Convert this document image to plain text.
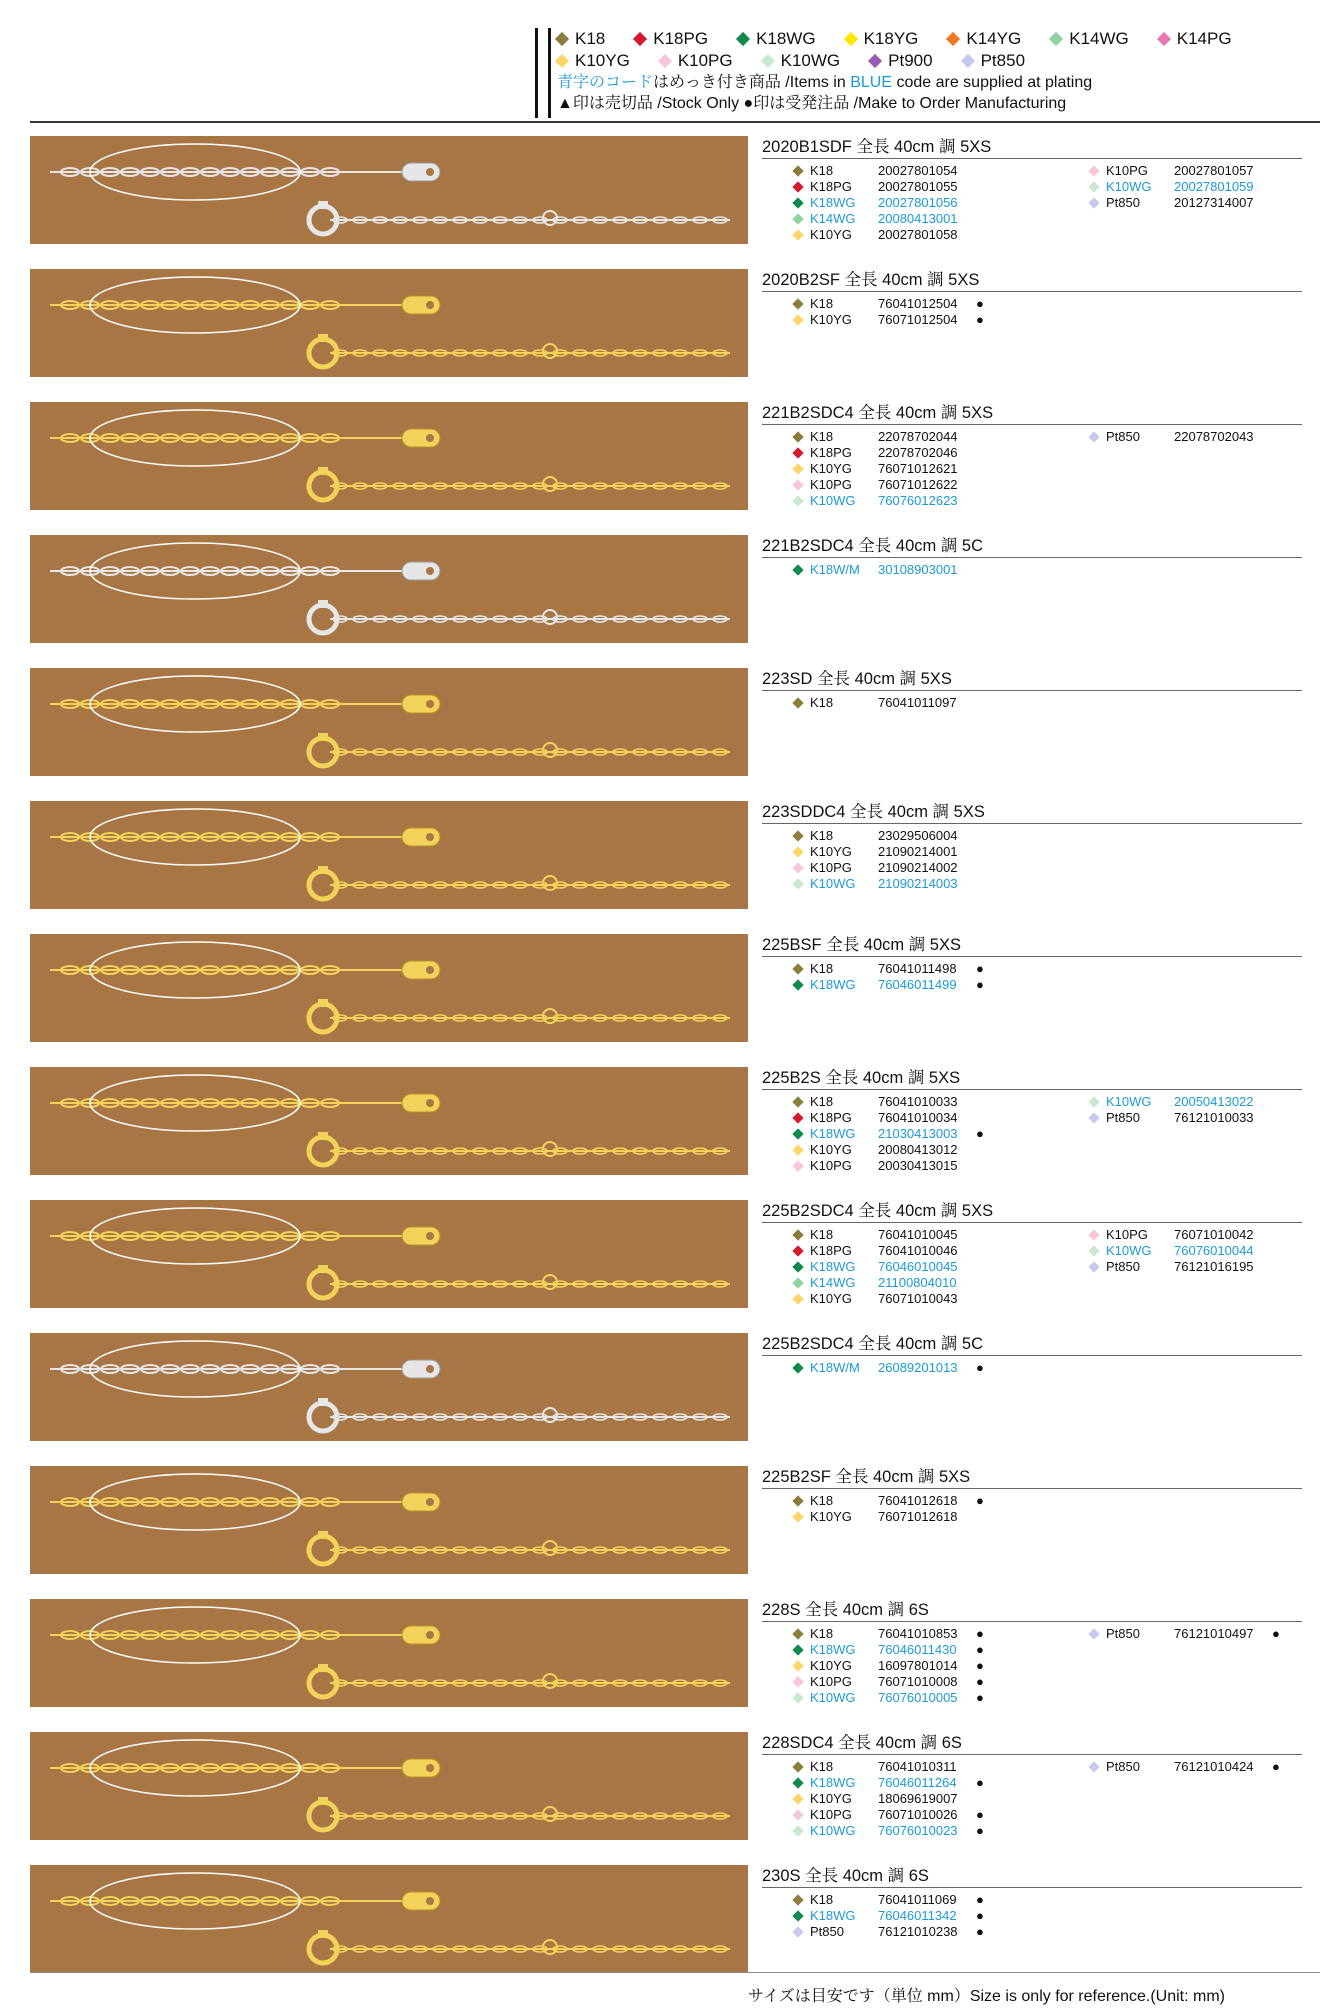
K18	K18PG	K18WG	K18YG	K14YG	K14WG	K14PG
K10YG	K10PG	K10WG	Pt900	Pt850
青字のコードはめっき付き商品 /Items in BLUE code are supplied at plating
▲印は売切品 /Stock Only ●印は受発注品 /Make to Order Manufacturing
2020B1SDF 全長 40cm 調 5XS
K18	20027801054
K18PG	20027801055
K18WG	20027801056
K14WG	20080413001
K10YG	20027801058
K10PG	20027801057
K10WG	20027801059
Pt850	20127314007
2020B2SF 全長 40cm 調 5XS
K18	76041012504	●
K10YG	76071012504	●
221B2SDC4 全長 40cm 調 5XS
K18	22078702044
K18PG	22078702046
K10YG	76071012621
K10PG	76071012622
K10WG	76076012623
Pt850	22078702043
221B2SDC4 全長 40cm 調 5C
K18W/M	30108903001
223SD 全長 40cm 調 5XS
K18	76041011097
223SDDC4 全長 40cm 調 5XS
K18	23029506004
K10YG	21090214001
K10PG	21090214002
K10WG	21090214003
225BSF 全長 40cm 調 5XS
K18	76041011498	●
K18WG	76046011499	●
225B2S 全長 40cm 調 5XS
K18	76041010033
K18PG	76041010034
K18WG	21030413003	●
K10YG	20080413012
K10PG	20030413015
K10WG	20050413022
Pt850	76121010033
225B2SDC4 全長 40cm 調 5XS
K18	76041010045
K18PG	76041010046
K18WG	76046010045
K14WG	21100804010
K10YG	76071010043
K10PG	76071010042
K10WG	76076010044
Pt850	76121016195
225B2SDC4 全長 40cm 調 5C
K18W/M	26089201013	●
225B2SF 全長 40cm 調 5XS
K18	76041012618	●
K10YG	76071012618
228S 全長 40cm 調 6S
K18	76041010853	●
K18WG	76046011430	●
K10YG	16097801014	●
K10PG	76071010008	●
K10WG	76076010005	●
Pt850	76121010497	●
228SDC4 全長 40cm 調 6S
K18	76041010311
K18WG	76046011264	●
K10YG	18069619007
K10PG	76071010026	●
K10WG	76076010023	●
Pt850	76121010424	●
230S 全長 40cm 調 6S
K18	76041011069	●
K18WG	76046011342	●
Pt850	76121010238	●
サイズは目安です（単位 mm）Size is only for reference.(Unit: mm)
